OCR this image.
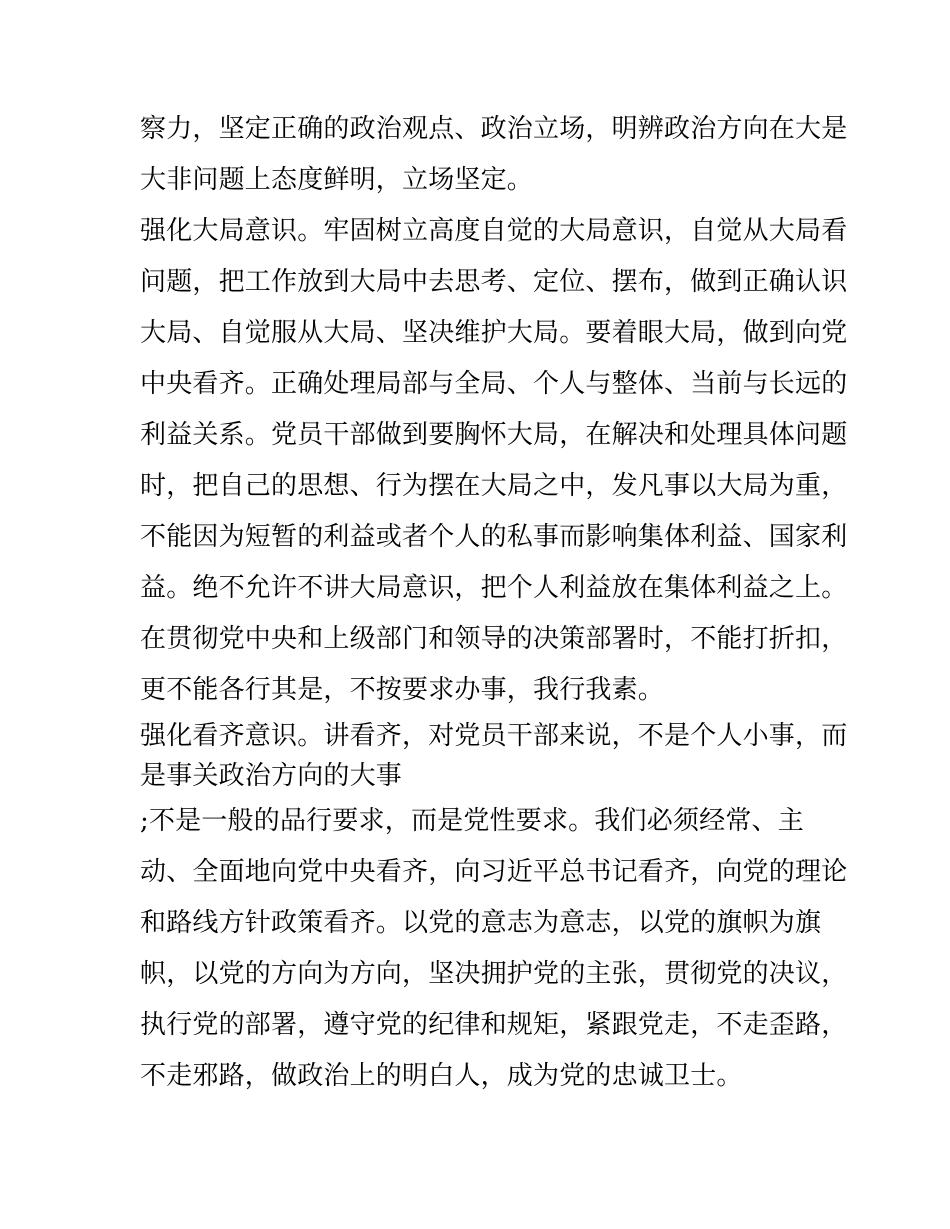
察力，坚定正确的政治观点、政治立场，明辨政治方向在大是
大非问题上态度鲜明，立场坚定。
强化大局意识。牢固树立高度自觉的大局意识，自觉从大局看
问题，把工作放到大局中去思考、定位、摆布，做到正确认识
大局、自觉服从大局、坚决维护大局。要着眼大局，做到向党
中央看齐。正确处理局部与全局、个人与整体、当前与长远的
利益关系。党员干部做到要胸怀大局，在解决和处理具体问题
时，把自己的思想、行为摆在大局之中，发凡事以大局为重，
不能因为短暂的利益或者个人的私事而影响集体利益、国家利
益。绝不允许不讲大局意识，把个人利益放在集体利益之上。
在贯彻党中央和上级部门和领导的决策部署时，不能打折扣，
更不能各行其是，不按要求办事，我行我素。
强化看齐意识。讲看齐，对党员干部来说，不是个人小事，而
是事关政治方向的大事
;不是一般的品行要求，而是党性要求。我们必须经常、主
动、全面地向党中央看齐，向习近平总书记看齐，向党的理论
和路线方针政策看齐。以党的意志为意志，以党的旗帜为旗
帜，以党的方向为方向，坚决拥护党的主张，贯彻党的决议，
执行党的部署，遵守党的纪律和规矩，紧跟党走，不走歪路，
不走邪路，做政治上的明白人，成为党的忠诚卫士。
